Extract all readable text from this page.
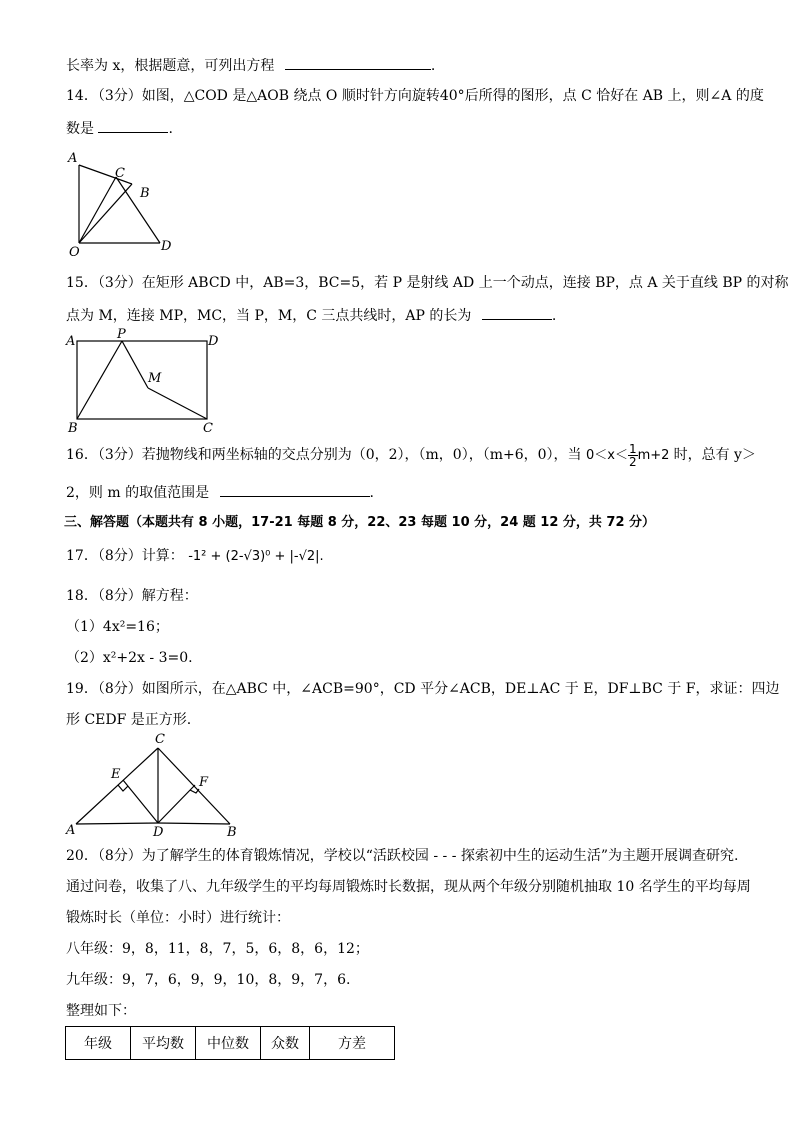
长率为 x，根据题意，可列出方程	.
14．（3分）如图，△COD 是△AOB 绕点 O 顺时针方向旋转40°后所得的图形，点 C 恰好在 AB 上，则∠A 的度
数是	.
A
C
B
O	D
15．（3分）在矩形 ABCD 中，AB=3，BC=5，若 P 是射线 AD 上一个动点，连接 BP，点 A 关于直线 BP 的对称
点为 M，连接 MP，MC，当 P，M，C 三点共线时，AP 的长为	.
A	P	D
M
B	C
16．（3分）若抛物线和两坐标轴的交点分别为（0，2），（m，0），（m+6，0），当 $0<x< \frac{1}{2} m+2$ 时，总有 y＞
2，则 m 的取值范围是	.
三、解答题（本题共有 8 小题，17-21 每题 8 分，22、23 每题 10 分，24 题 12 分，共 72 分）
17．（8分）计算： -1² + (2-√3)⁰ + |-√2|.
18．（8分）解方程：
（1）4x²=16；
（2）x²+2x - 3=0.
19．（8分）如图所示，在△ABC 中，∠ACB=90°，CD 平分∠ACB，DE⊥AC 于 E，DF⊥BC 于 F，求证：四边
形 CEDF 是正方形.
C
E
F
A	D	B
20．（8分）为了解学生的体育锻炼情况，学校以“活跃校园 - - - 探索初中生的运动生活”为主题开展调查研究.
通过问卷，收集了八、九年级学生的平均每周锻炼时长数据，现从两个年级分别随机抽取 10 名学生的平均每周
锻炼时长（单位：小时）进行统计：
八年级：9，8，11，8，7，5，6，8，6，12；
九年级：9，7，6，9，9，10，8，9，7，6.
整理如下：
年级	平均数	中位数	众数	方差
